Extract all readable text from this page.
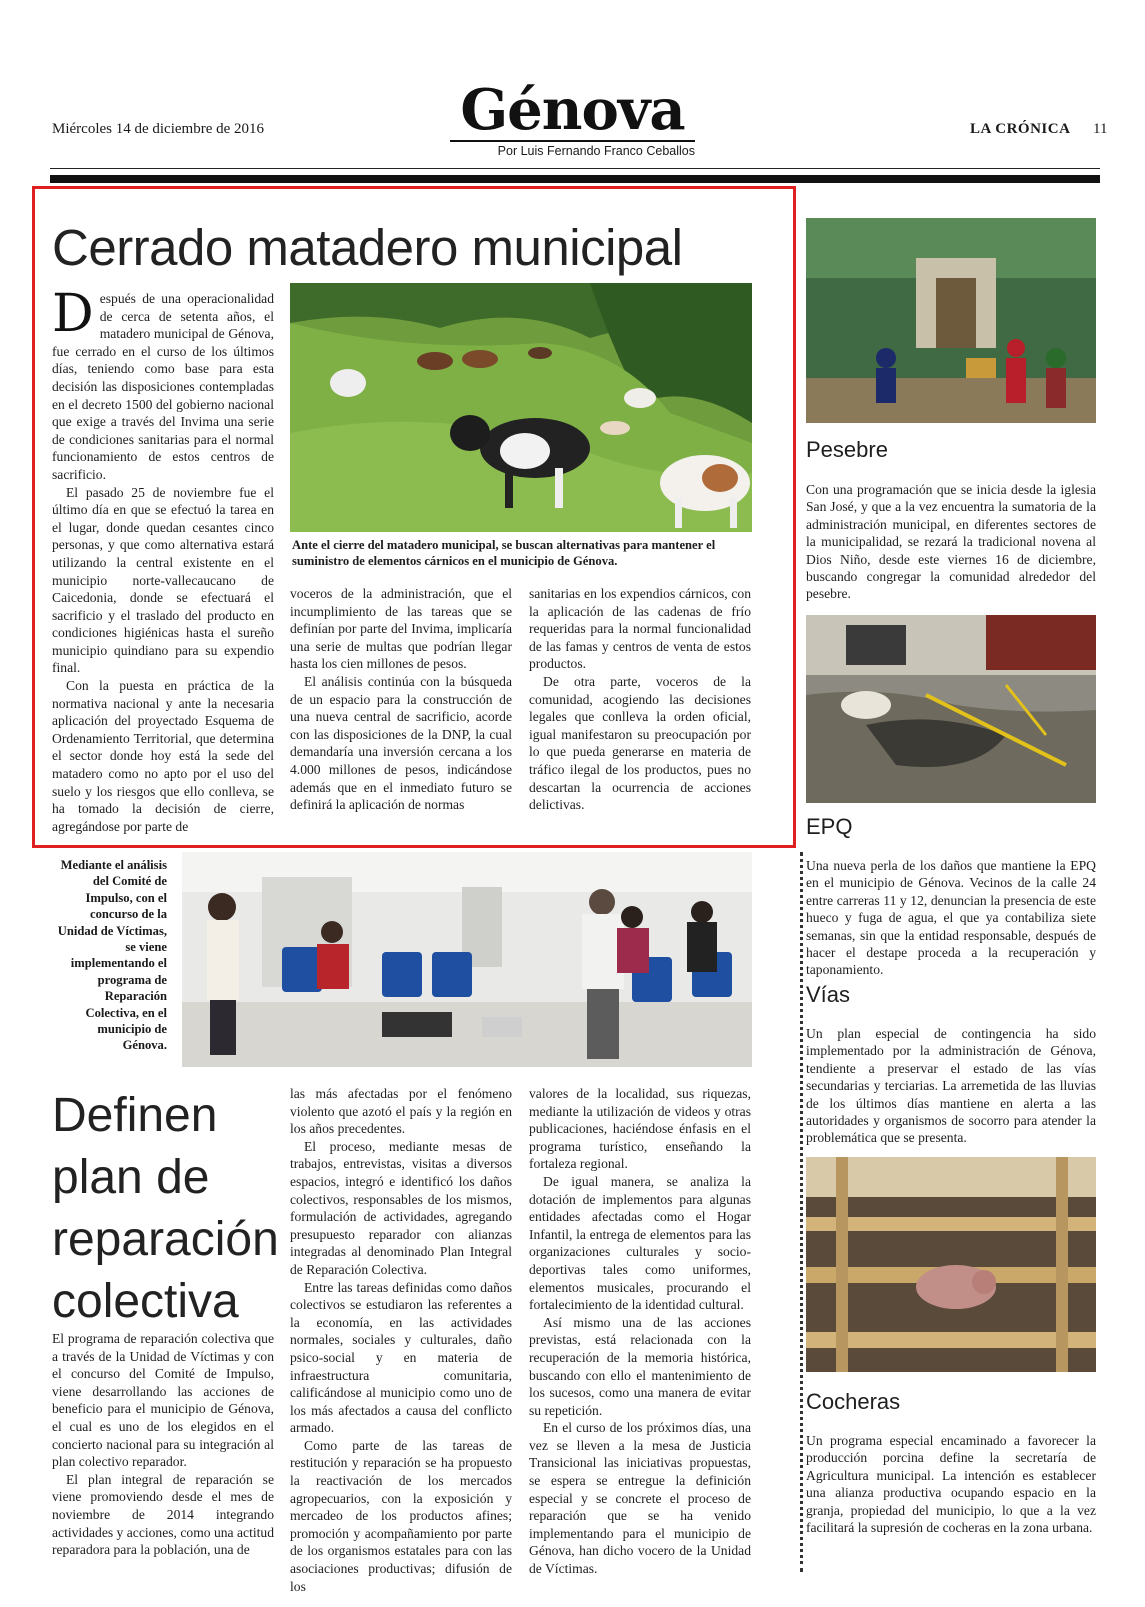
Miércoles 14 de diciembre de 2016	Génova
Por Luis Fernando Franco Ceballos
LA CRÓNICA 11
Cerrado matadero municipal

Después de una operacionalidad de cerca de setenta años, el matadero municipal de Génova, fue cerrado en el curso de los últimos días, teniendo como base para esta decisión las disposiciones contempladas en el decreto 1500 del gobierno nacional que exige a través del Invima una serie de condiciones sanitarias para el normal funcionamiento de estos centros de sacrificio.

El pasado 25 de noviembre fue el último día en que se efectuó la tarea en el lugar, donde quedan cesantes cinco personas, y que como alternativa estará utilizando la central existente en el municipio norte-vallecaucano de Caicedonia, donde se efectuará el sacrificio y el traslado del producto en condiciones higiénicas hasta el sureño municipio quindiano para su expendio final.

Con la puesta en práctica de la normativa nacional y ante la necesaria aplicación del proyectado Esquema de Ordenamiento Territorial, que determina el sector donde hoy está la sede del matadero como no apto por el uso del suelo y los riesgos que ello conlleva, se ha tomado la decisión de cierre, agregándose por parte de

Ante el cierre del matadero municipal, se buscan alternativas para mantener el suministro de elementos cárnicos en el municipio de Génova.

voceros de la administración, que el incumplimiento de las tareas que se definían por parte del Invima, implicaría una serie de multas que podrían llegar hasta los cien millones de pesos.

El análisis continúa con la búsqueda de un espacio para la construcción de una nueva central de sacrificio, acorde con las disposiciones de la DNP, la cual demandaría una inversión cercana a los 4.000 millones de pesos, indicándose además que en el inmediato futuro se definirá la aplicación de normas

sanitarias en los expendios cárnicos, con la aplicación de las cadenas de frío requeridas para la normal funcionalidad de las famas y centros de venta de estos productos.

De otra parte, voceros de la comunidad, acogiendo las decisiones legales que conlleva la orden oficial, igual manifestaron su preocupación por lo que pueda generarse en materia de tráfico ilegal de los productos, pues no descartan la ocurrencia de acciones delictivas.

Mediante el análisis del Comité de Impulso, con el concurso de la Unidad de Víctimas, se viene implementando el programa de Reparación Colectiva, en el municipio de Génova.
Definen plan de reparación colectiva

El programa de reparación colectiva que a través de la Unidad de Víctimas y con el concurso del Comité de Impulso, viene desarrollando las acciones de beneficio para el municipio de Génova, el cual es uno de los elegidos en el concierto nacional para su integración al plan colectivo reparador.

El plan integral de reparación se viene promoviendo desde el mes de noviembre de 2014 integrando actividades y acciones, como una actitud reparadora para la población, una de

las más afectadas por el fenómeno violento que azotó el país y la región en los años precedentes.

El proceso, mediante mesas de trabajos, entrevistas, visitas a diversos espacios, integró e identificó los daños colectivos, responsables de los mismos, formulación de actividades, agregando presupuesto reparador con alianzas integradas al denominado Plan Integral de Reparación Colectiva.

Entre las tareas definidas como daños colectivos se estudiaron las referentes a la economía, en las actividades normales, sociales y culturales, daño psico-social y en materia de infraestructura comunitaria, calificándose al municipio como uno de los más afectados a causa del conflicto armado.

Como parte de las tareas de restitución y reparación se ha propuesto la reactivación de los mercados agropecuarios, con la exposición y mercadeo de los productos afines; promoción y acompañamiento por parte de los organismos estatales para con las asociaciones productivas; difusión de los

valores de la localidad, sus riquezas, mediante la utilización de videos y otras publicaciones, haciéndose énfasis en el programa turístico, enseñando la fortaleza regional.

De igual manera, se analiza la dotación de implementos para algunas entidades afectadas como el Hogar Infantil, la entrega de elementos para las organizaciones culturales y socio-deportivas tales como uniformes, elementos musicales, procurando el fortalecimiento de la identidad cultural.

Así mismo una de las acciones previstas, está relacionada con la recuperación de la memoria histórica, buscando con ello el mantenimiento de los sucesos, como una manera de evitar su repetición.

En el curso de los próximos días, una vez se lleven a la mesa de Justicia Transicional las iniciativas propuestas, se espera se entregue la definición especial y se concrete el proceso de reparación que se ha venido implementando para el municipio de Génova, han dicho vocero de la Unidad de Víctimas.

Pesebre
Con una programación que se inicia desde la iglesia San José, y que a la vez encuentra la sumatoria de la administración municipal, en diferentes sectores de la municipalidad, se rezará la tradicional novena al Dios Niño, desde este viernes 16 de diciembre, buscando congregar la comunidad alrededor del pesebre.
EPQ
Una nueva perla de los daños que mantiene la EPQ en el municipio de Génova. Vecinos de la calle 24 entre carreras 11 y 12, denuncian la presencia de este hueco y fuga de agua, el que ya contabiliza siete semanas, sin que la entidad responsable, después de hacer el destape proceda a la recuperación y taponamiento.
Vías
Un plan especial de contingencia ha sido implementado por la administración de Génova, tendiente a preservar el estado de las vías secundarias y terciarias. La arremetida de las lluvias de los últimos días mantiene en alerta a las autoridades y organismos de socorro para atender la problemática que se presenta.
Cocheras
Un programa especial encaminado a favorecer la producción porcina define la secretaría de Agricultura municipal. La intención es establecer una alianza productiva ocupando espacio en la granja, propiedad del municipio, lo que a la vez facilitará la supresión de cocheras en la zona urbana.
